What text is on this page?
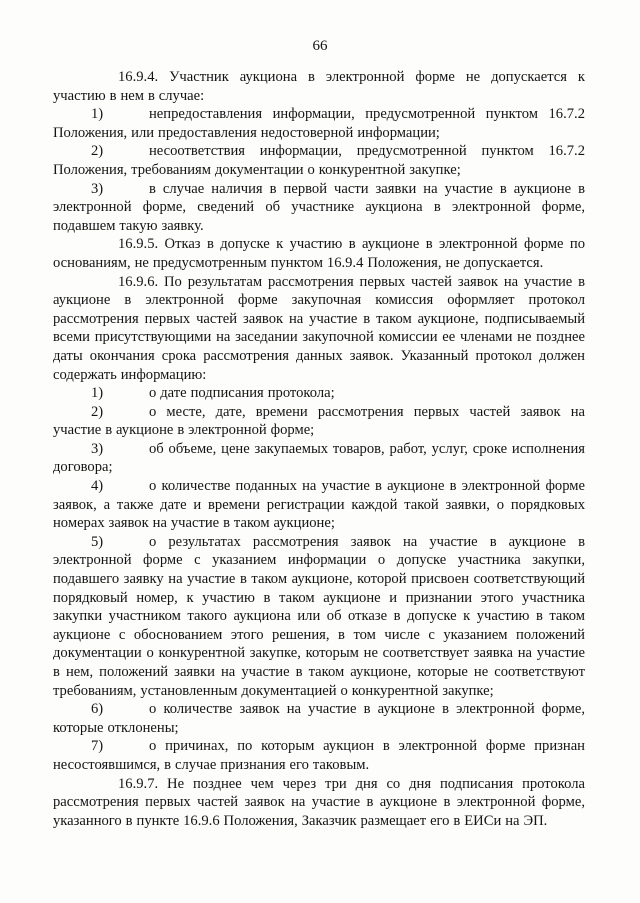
66

16.9.4. Участник аукциона в электронной форме не допускается к участию в нем в случае:

1)	непредоставления информации, предусмотренной пунктом 16.7.2 Положения, или предоставления недостоверной информации;

2)	несоответствия информации, предусмотренной пунктом 16.7.2 Положения, требованиям документации о конкурентной закупке;

3)	в случае наличия в первой части заявки на участие в аукционе в электронной форме, сведений об участнике аукциона в электронной форме, подавшем такую заявку.

16.9.5. Отказ в допуске к участию в аукционе в электронной форме по основаниям, не предусмотренным пунктом 16.9.4 Положения, не допускается.

16.9.6. По результатам рассмотрения первых частей заявок на участие в аукционе в электронной форме закупочная комиссия оформляет протокол рассмотрения первых частей заявок на участие в таком аукционе, подписываемый всеми присутствующими на заседании закупочной комиссии ее членами не позднее даты окончания срока рассмотрения данных заявок. Указанный протокол должен содержать информацию:

1)	о дате подписания протокола;

2)	о месте, дате, времени рассмотрения первых частей заявок на участие в аукционе в электронной форме;

3)	об объеме, цене закупаемых товаров, работ, услуг, сроке исполнения договора;

4)	о количестве поданных на участие в аукционе в электронной форме заявок, а также дате и времени регистрации каждой такой заявки, о порядковых номерах заявок на участие в таком аукционе;

5)	о результатах рассмотрения заявок на участие в аукционе в электронной форме с указанием информации о допуске участника закупки, подавшего заявку на участие в таком аукционе, которой присвоен соответствующий порядковый номер, к участию в таком аукционе и признании этого участника закупки участником такого аукциона или об отказе в допуске к участию в таком аукционе с обоснованием этого решения, в том числе с указанием положений документации о конкурентной закупке, которым не соответствует заявка на участие в нем, положений заявки на участие в таком аукционе, которые не соответствуют требованиям, установленным документацией о конкурентной закупке;

6)	о количестве заявок на участие в аукционе в электронной форме, которые отклонены;

7)	о причинах, по которым аукцион в электронной форме признан несостоявшимся, в случае признания его таковым.

16.9.7. Не позднее чем через три дня со дня подписания протокола рассмотрения первых частей заявок на участие в аукционе в электронной форме, указанного в пункте 16.9.6 Положения, Заказчик размещает его в ЕИСи на ЭП.
